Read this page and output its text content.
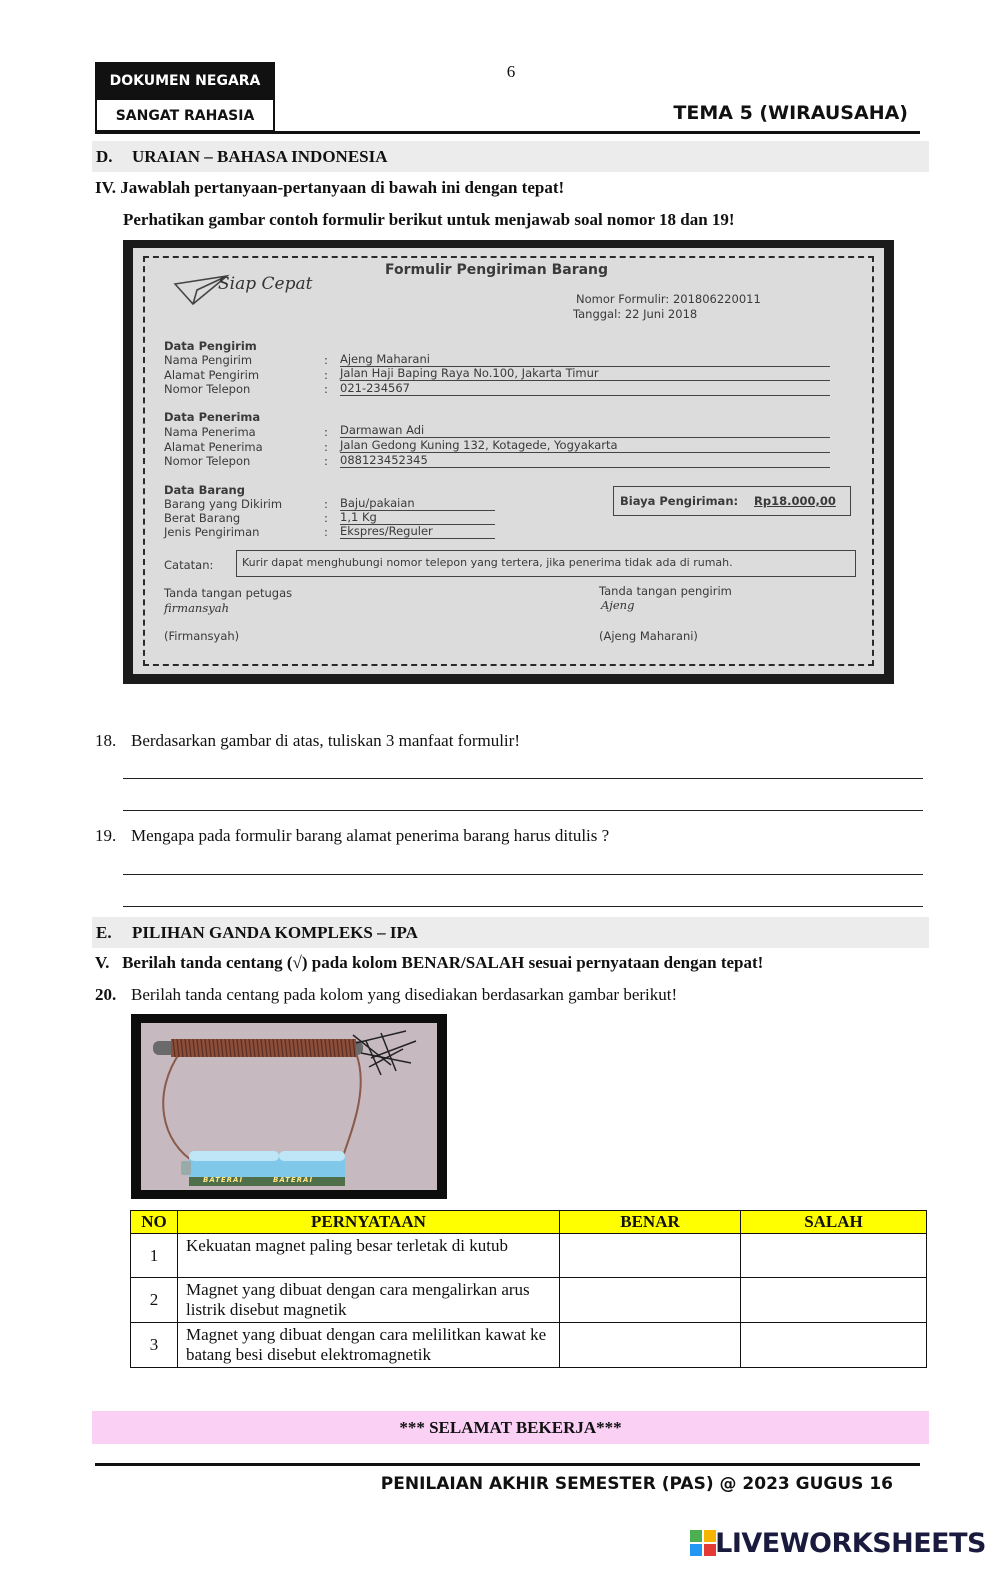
DOKUMEN NEGARA
SANGAT RAHASIA
6
TEMA 5 (WIRAUSAHA)
D. URAIAN – BAHASA INDONESIA
IV. Jawablah pertanyaan-pertanyaan di bawah ini dengan tepat!
Perhatikan gambar contoh formulir berikut untuk menjawab soal nomor 18 dan 19!
Siap Cepat
Formulir Pengiriman Barang
Nomor Formulir: 201806220011
Tanggal: 22 Juni 2018
Data Pengirim
Nama Pengirim	: Ajeng Maharani
Alamat Pengirim	: Jalan Haji Baping Raya No.100, Jakarta Timur
Nomor Telepon	: 021-234567
Data Penerima
Nama Penerima	: Darmawan Adi
Alamat Penerima	: Jalan Gedong Kuning 132, Kotagede, Yogyakarta
Nomor Telepon	: 088123452345
Data Barang
Barang yang Dikirim	: Baju/pakaian
Berat Barang	: 1,1 Kg
Jenis Pengiriman	: Ekspres/Reguler
Biaya Pengiriman: Rp18.000,00
Catatan:	Kurir dapat menghubungi nomor telepon yang tertera, jika penerima tidak ada di rumah.
Tanda tangan petugas
firmansyah
(Firmansyah)
Tanda tangan pengirim
Ajeng
(Ajeng Maharani)
18. Berdasarkan gambar di atas, tuliskan 3 manfaat formulir!
19. Mengapa pada formulir barang alamat penerima barang harus ditulis ?
E. PILIHAN GANDA KOMPLEKS – IPA
V.   Berilah tanda centang (√) pada kolom BENAR/SALAH sesuai pernyataan dengan tepat!
20. Berilah tanda centang pada kolom yang disediakan berdasarkan gambar berikut!
BATERAI	BATERAI
NO	PERNYATAAN	BENAR	SALAH
1	Kekuatan magnet paling besar terletak di kutub		
2	Magnet yang dibuat dengan cara mengalirkan arus listrik disebut magnetik		
3	Magnet yang dibuat dengan cara melilitkan kawat ke batang besi disebut elektromagnetik		
*** SELAMAT BEKERJA***
PENILAIAN AKHIR SEMESTER (PAS) @ 2023 GUGUS 16
LIVEWORKSHEETS
